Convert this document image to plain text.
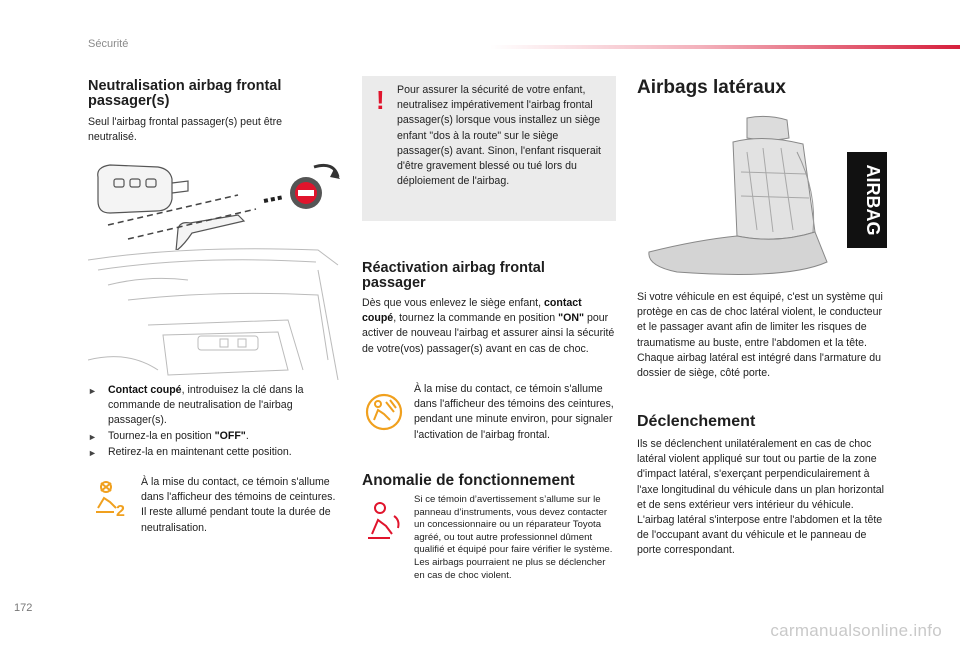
Sécurité
Neutralisation airbag frontal passager(s)
Seul l'airbag frontal passager(s) peut être neutralisé.
►	Contact coupé, introduisez la clé dans la commande de neutralisation de l'airbag passager(s).
►	Tournez-la en position "OFF".
►	Retirez-la en maintenant cette position.
2
À la mise du contact, ce témoin s'allume dans l'afficheur des témoins de ceintures. Il reste allumé pendant toute la durée de neutralisation.
! Pour assurer la sécurité de votre enfant, neutralisez impérativement l'airbag frontal passager(s) lorsque vous installez un siège enfant "dos à la route" sur le siège passager(s) avant. Sinon, l'enfant risquerait d'être gravement blessé ou tué lors du déploiement de l'airbag.
Réactivation airbag frontal passager
Dès que vous enlevez le siège enfant, contact coupé, tournez la commande en position "ON" pour activer de nouveau l'airbag et assurer ainsi la sécurité de votre(vos) passager(s) avant en cas de choc.
À la mise du contact, ce témoin s'allume dans l'afficheur des témoins des ceintures, pendant une minute environ, pour signaler l'activation de l'airbag frontal.
Anomalie de fonctionnement
Si ce témoin d’avertissement s’allume sur le panneau d’instruments, vous devez contacter un concessionnaire ou un réparateur Toyota agréé, ou tout autre professionnel dûment qualifié et équipé pour faire vérifier le système. Les airbags pourraient ne plus se déclencher en cas de choc violent.
Airbags latéraux
AIRBAG
Si votre véhicule en est équipé, c'est un système qui protège en cas de choc latéral violent, le conducteur et le passager avant afin de limiter les risques de traumatisme au buste, entre l'abdomen et la tête. Chaque airbag latéral est intégré dans l'armature du dossier de siège, côté porte.
Déclenchement
Ils se déclenchent unilatéralement en cas de choc latéral violent appliqué sur tout ou partie de la zone d'impact latéral, s'exerçant perpendiculairement à l'axe longitudinal du véhicule dans un plan horizontal et de sens extérieur vers intérieur du véhicule. L'airbag latéral s'interpose entre l'abdomen et la tête de l'occupant avant du véhicule et le panneau de porte correspondant.
172
carmanualsonline.info
